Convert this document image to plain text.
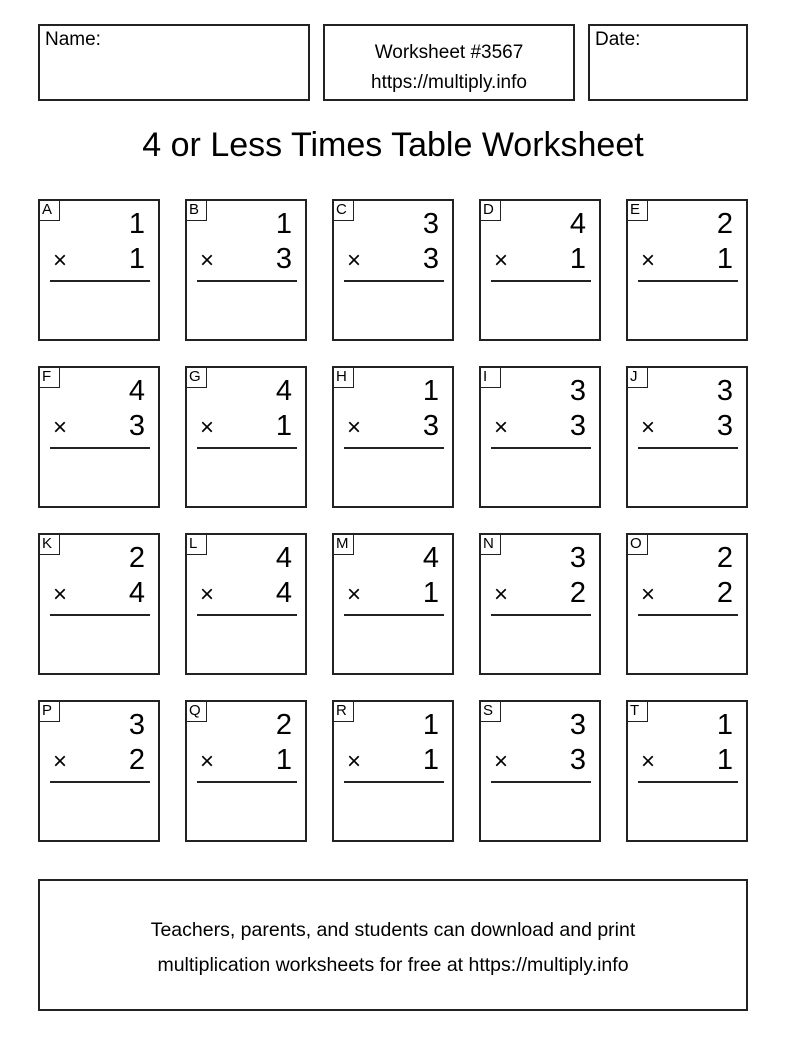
Name:
Worksheet #3567
https://multiply.info
Date:
4 or Less Times Table Worksheet
A	1
× 1
B	1
× 3
C	3
× 3
D	4
× 1
E	2
× 1
F	4
× 3
G	4
× 1
H	1
× 3
I	3
× 3
J	3
× 3
K	2
× 4
L	4
× 4
M	4
× 1
N	3
× 2
O	2
× 2
P	3
× 2
Q	2
× 1
R	1
× 1
S	3
× 3
T	1
× 1
Teachers, parents, and students can download and print
multiplication worksheets for free at https://multiply.info
